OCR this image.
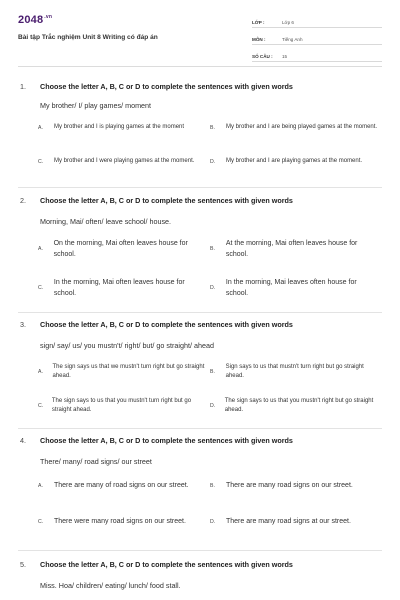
$2048^{.vn}$
Bài tập Trắc nghiệm Unit 8 Writing có đáp án
LỚP :	Lớp 6
MÔN :	Tiếng Anh
SỐ CÂU :	15
1. Choose the letter A, B, C or D to complete the sentences with given words
My brother/ I/ play games/ moment
A.	My brother and I is playing games at the moment	B.	My brother and I are being played games at the moment.
C.	My brother and I were playing games at the moment.	D.	My brother and I are playing games at the moment.
2. Choose the letter A, B, C or D to complete the sentences with given words
Morning, Mai/ often/ leave school/ house.
A.
On the morning, Mai often leaves house for school.
B.
At the morning, Mai often leaves house for school.
C.
In the morning, Mai often leaves house for school.
D.
In the morning, Mai leaves often house for school.
3. Choose the letter A, B, C or D to complete the sentences with given words
sign/ say/ us/ you mustn't/ right/ but/ go straight/ ahead
A.
The sign says us that we mustn't turn right but go straight ahead.
B.
Sign says to us that mustn't turn right but go straight ahead.
C.
The sign says to us that you mustn't turn right but go straight ahead.
D.
The sign says to us that you mustn't right but go straight ahead.
4. Choose the letter A, B, C or D to complete the sentences with given words
There/ many/ road signs/ our street
A.	There are many of road signs on our street.	B.	There are many road signs on our street.
C.	There were many road signs on our street.	D.	There are many road signs at our street.
5. Choose the letter A, B, C or D to complete the sentences with given words
Miss. Hoa/ children/ eating/ lunch/ food stall.
